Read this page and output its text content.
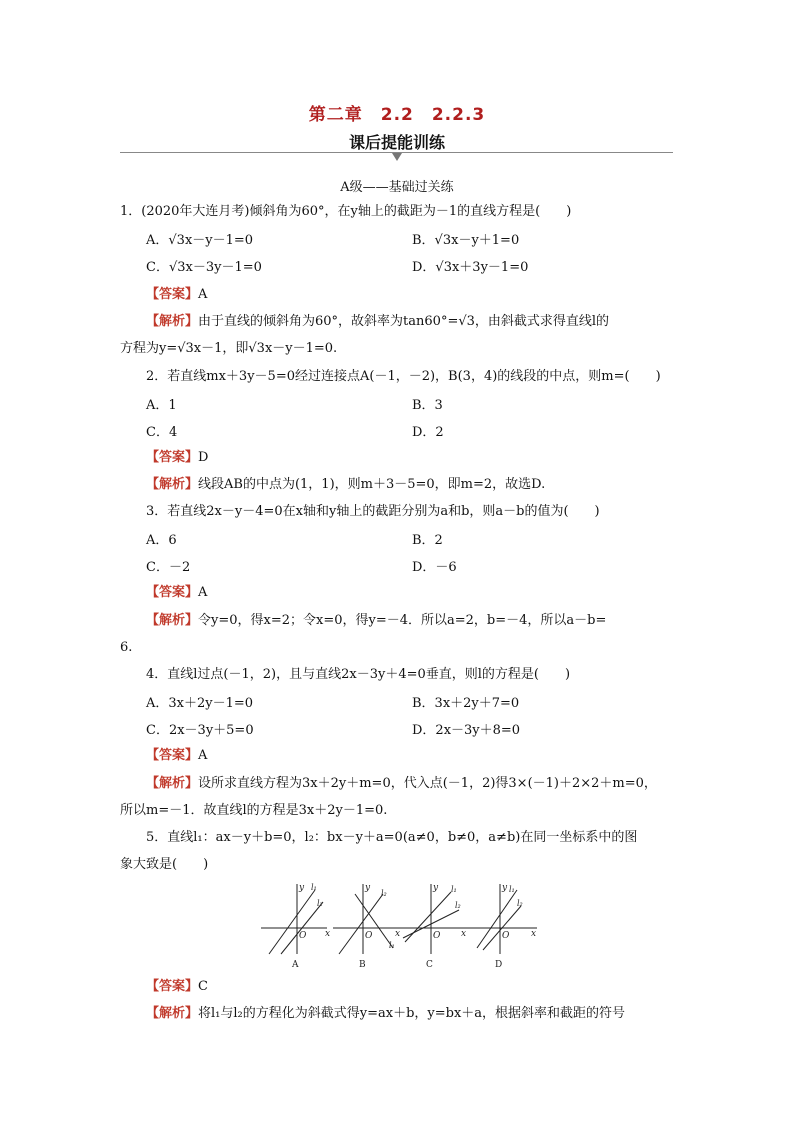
第二章　2.2　2.2.3
课后提能训练
A级——基础过关练
1．(2020年大连月考)倾斜角为60°，在y轴上的截距为－1的直线方程是(　　)
A．√3x－y－1=0	B．√3x－y＋1=0
C．√3x－3y－1=0	D．√3x＋3y－1=0
【答案】A
【解析】由于直线的倾斜角为60°，故斜率为tan60°=√3，由斜截式求得直线l的
方程为y=√3x－1，即√3x－y－1=0.
2．若直线mx＋3y－5=0经过连接点A(－1，－2)，B(3，4)的线段的中点，则m=(　　)
A．1	B．3
C．4	D．2
【答案】D
【解析】线段AB的中点为(1，1)，则m＋3－5=0，即m=2，故选D.
3．若直线2x－y－4=0在x轴和y轴上的截距分别为a和b，则a－b的值为(　　)
A．6	B．2
C．－2	D．－6
【答案】A
【解析】令y=0，得x=2；令x=0，得y=－4．所以a=2，b=－4，所以a－b=
6.
4．直线l过点(－1，2)，且与直线2x－3y＋4=0垂直，则l的方程是(　　)
A．3x＋2y－1=0	B．3x＋2y＋7=0
C．2x－3y＋5=0	D．2x－3y＋8=0
【答案】A
【解析】设所求直线方程为3x＋2y＋m=0，代入点(－1，2)得3×(－1)＋2×2＋m=0，
所以m=－1．故直线l的方程是3x＋2y－1=0.
5．直线l₁：ax－y＋b=0，l₂：bx－y＋a=0(a≠0，b≠0，a≠b)在同一坐标系中的图
象大致是(　　)
y
x
O
l₁
l₂
y
x
O
l₂
l₁
y
x
O
l₁
l₂
y
x
O
l₁
l₂
A	B	C	D
【答案】C
【解析】将l₁与l₂的方程化为斜截式得y=ax＋b，y=bx＋a，根据斜率和截距的符号
